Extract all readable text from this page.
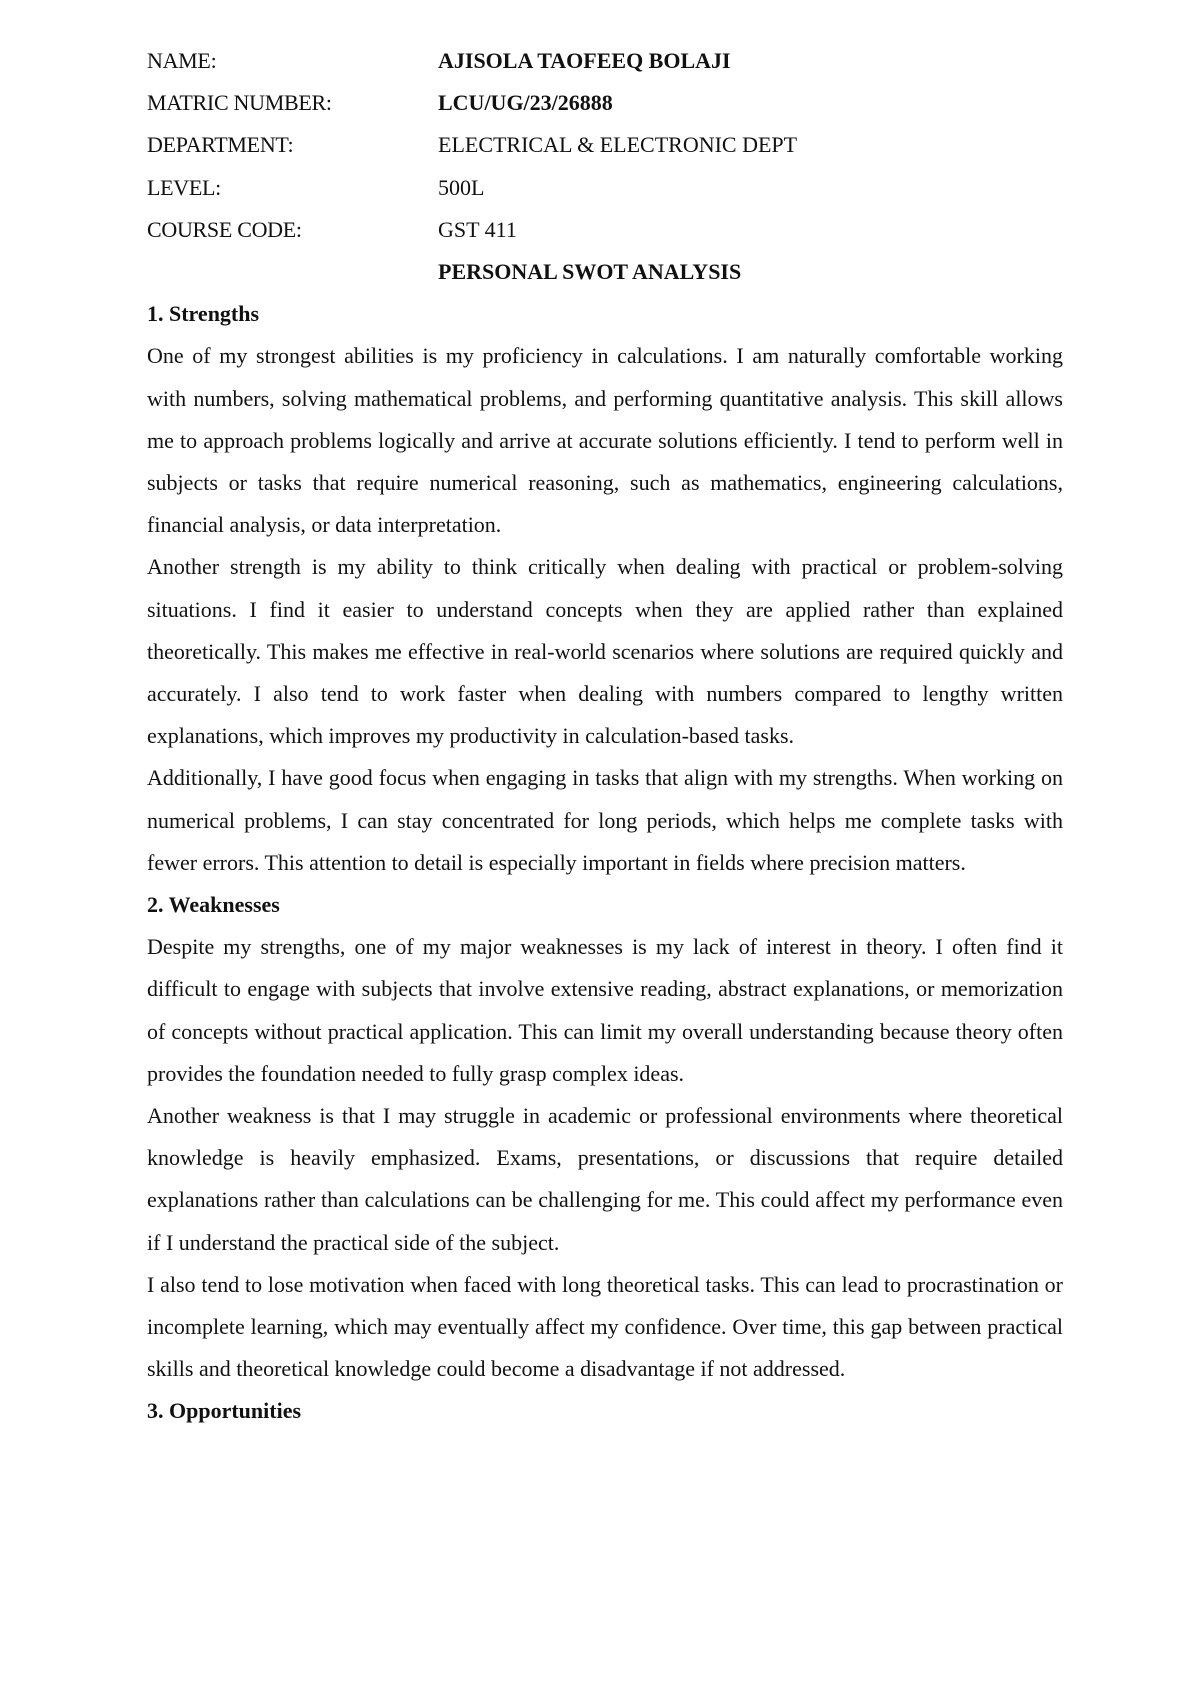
NAME:	AJISOLA TAOFEEQ BOLAJI
MATRIC NUMBER:	LCU/UG/23/26888
DEPARTMENT:	ELECTRICAL & ELECTRONIC DEPT
LEVEL:	500L
COURSE CODE:	GST 411
PERSONAL SWOT ANALYSIS

1. Strengths

One of my strongest abilities is my proficiency in calculations. I am naturally comfortable working with numbers, solving mathematical problems, and performing quantitative analysis. This skill allows me to approach problems logically and arrive at accurate solutions efficiently. I tend to perform well in subjects or tasks that require numerical reasoning, such as mathematics, engineering calculations, financial analysis, or data interpretation.

Another strength is my ability to think critically when dealing with practical or problem-solving situations. I find it easier to understand concepts when they are applied rather than explained theoretically. This makes me effective in real-world scenarios where solutions are required quickly and accurately. I also tend to work faster when dealing with numbers compared to lengthy written explanations, which improves my productivity in calculation-based tasks.

Additionally, I have good focus when engaging in tasks that align with my strengths. When working on numerical problems, I can stay concentrated for long periods, which helps me complete tasks with fewer errors. This attention to detail is especially important in fields where precision matters.

2. Weaknesses

Despite my strengths, one of my major weaknesses is my lack of interest in theory. I often find it difficult to engage with subjects that involve extensive reading, abstract explanations, or memorization of concepts without practical application. This can limit my overall understanding because theory often provides the foundation needed to fully grasp complex ideas.

Another weakness is that I may struggle in academic or professional environments where theoretical knowledge is heavily emphasized. Exams, presentations, or discussions that require detailed explanations rather than calculations can be challenging for me. This could affect my performance even if I understand the practical side of the subject.

I also tend to lose motivation when faced with long theoretical tasks. This can lead to procrastination or incomplete learning, which may eventually affect my confidence. Over time, this gap between practical skills and theoretical knowledge could become a disadvantage if not addressed.

3. Opportunities
